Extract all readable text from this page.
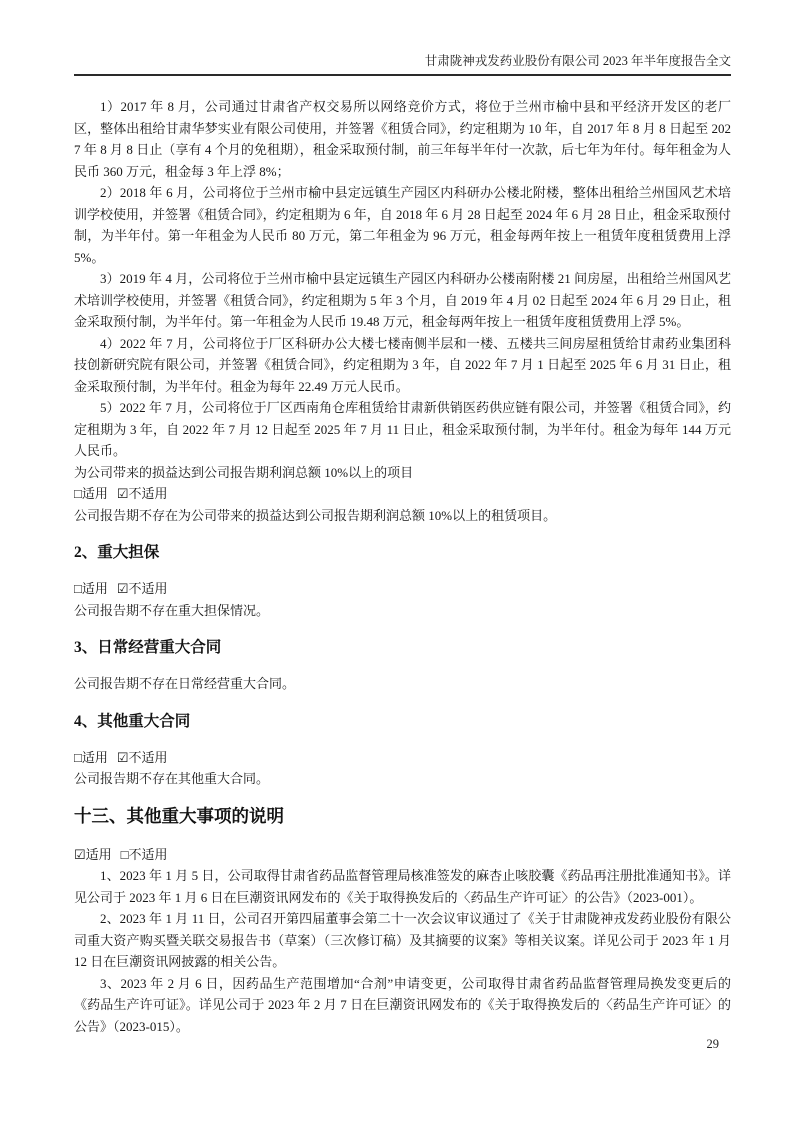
甘肃陇神戎发药业股份有限公司 2023 年半年度报告全文

1）2017 年 8 月，公司通过甘肃省产权交易所以网络竞价方式，将位于兰州市榆中县和平经济开发区的老厂区，整体出租给甘肃华梦实业有限公司使用，并签署《租赁合同》，约定租期为 10 年，自 2017 年 8 月 8 日起至 2027 年 8 月 8 日止（享有 4 个月的免租期），租金采取预付制，前三年每半年付一次款，后七年为年付。每年租金为人民币 360 万元，租金每 3 年上浮 8%；

2）2018 年 6 月，公司将位于兰州市榆中县定远镇生产园区内科研办公楼北附楼，整体出租给兰州国风艺术培训学校使用，并签署《租赁合同》，约定租期为 6 年，自 2018 年 6 月 28 日起至 2024 年 6 月 28 日止，租金采取预付制，为半年付。第一年租金为人民币 80 万元，第二年租金为 96 万元，租金每两年按上一租赁年度租赁费用上浮 5%。

3）2019 年 4 月，公司将位于兰州市榆中县定远镇生产园区内科研办公楼南附楼 21 间房屋，出租给兰州国风艺术培训学校使用，并签署《租赁合同》，约定租期为 5 年 3 个月，自 2019 年 4 月 02 日起至 2024 年 6 月 29 日止，租金采取预付制，为半年付。第一年租金为人民币 19.48 万元，租金每两年按上一租赁年度租赁费用上浮 5%。

4）2022 年 7 月，公司将位于厂区科研办公大楼七楼南侧半层和一楼、五楼共三间房屋租赁给甘肃药业集团科技创新研究院有限公司，并签署《租赁合同》，约定租期为 3 年，自 2022 年 7 月 1 日起至 2025 年 6 月 31 日止，租金采取预付制，为半年付。租金为每年 22.49 万元人民币。

5）2022 年 7 月，公司将位于厂区西南角仓库租赁给甘肃新供销医药供应链有限公司，并签署《租赁合同》，约定租期为 3 年，自 2022 年 7 月 12 日起至 2025 年 7 月 11 日止，租金采取预付制，为半年付。租金为每年 144 万元人民币。

为公司带来的损益达到公司报告期利润总额 10%以上的项目

□适用 ☑不适用

公司报告期不存在为公司带来的损益达到公司报告期利润总额 10%以上的租赁项目。

2、重大担保

□适用 ☑不适用

公司报告期不存在重大担保情况。

3、日常经营重大合同

公司报告期不存在日常经营重大合同。

4、其他重大合同

□适用 ☑不适用

公司报告期不存在其他重大合同。

十三、其他重大事项的说明

☑适用 □不适用

1、2023 年 1 月 5 日，公司取得甘肃省药品监督管理局核准签发的麻杏止咳胶囊《药品再注册批准通知书》。详见公司于 2023 年 1 月 6 日在巨潮资讯网发布的《关于取得换发后的〈药品生产许可证〉的公告》（2023-001）。

2、2023 年 1 月 11 日，公司召开第四届董事会第二十一次会议审议通过了《关于甘肃陇神戎发药业股份有限公司重大资产购买暨关联交易报告书（草案）（三次修订稿）及其摘要的议案》等相关议案。详见公司于 2023 年 1 月 12 日在巨潮资讯网披露的相关公告。

3、2023 年 2 月 6 日，因药品生产范围增加“合剂”申请变更，公司取得甘肃省药品监督管理局换发变更后的《药品生产许可证》。详见公司于 2023 年 2 月 7 日在巨潮资讯网发布的《关于取得换发后的〈药品生产许可证〉的公告》（2023-015）。

29
